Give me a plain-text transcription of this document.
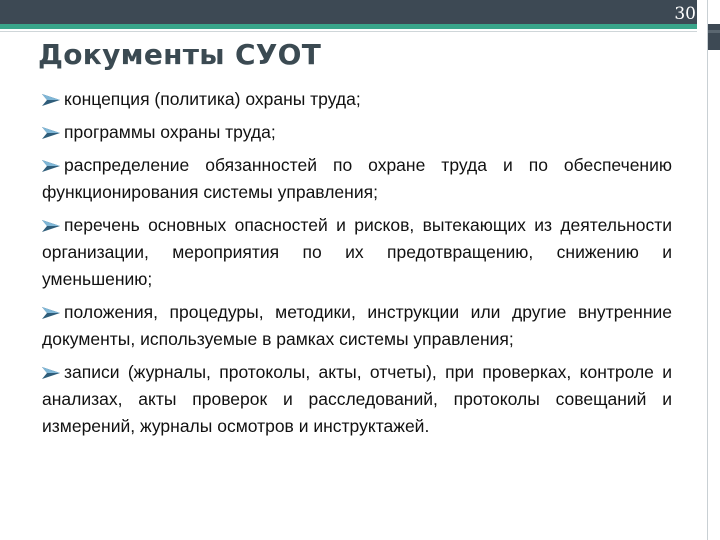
30
Документы СУОТ
концепция (политика) охраны труда;
программы охраны труда;
распределение обязанностей по охране труда и по обеспечению функционирования системы управления;
перечень основных опасностей и рисков, вытекающих из деятельности организации, мероприятия по их предотвращению, снижению и уменьшению;
положения, процедуры, методики, инструкции или другие внутренние документы, используемые в рамках системы управления;
записи (журналы, протоколы, акты, отчеты), при проверках, контроле и анализах, акты проверок и расследований, протоколы совещаний и измерений, журналы осмотров и инструктажей.
